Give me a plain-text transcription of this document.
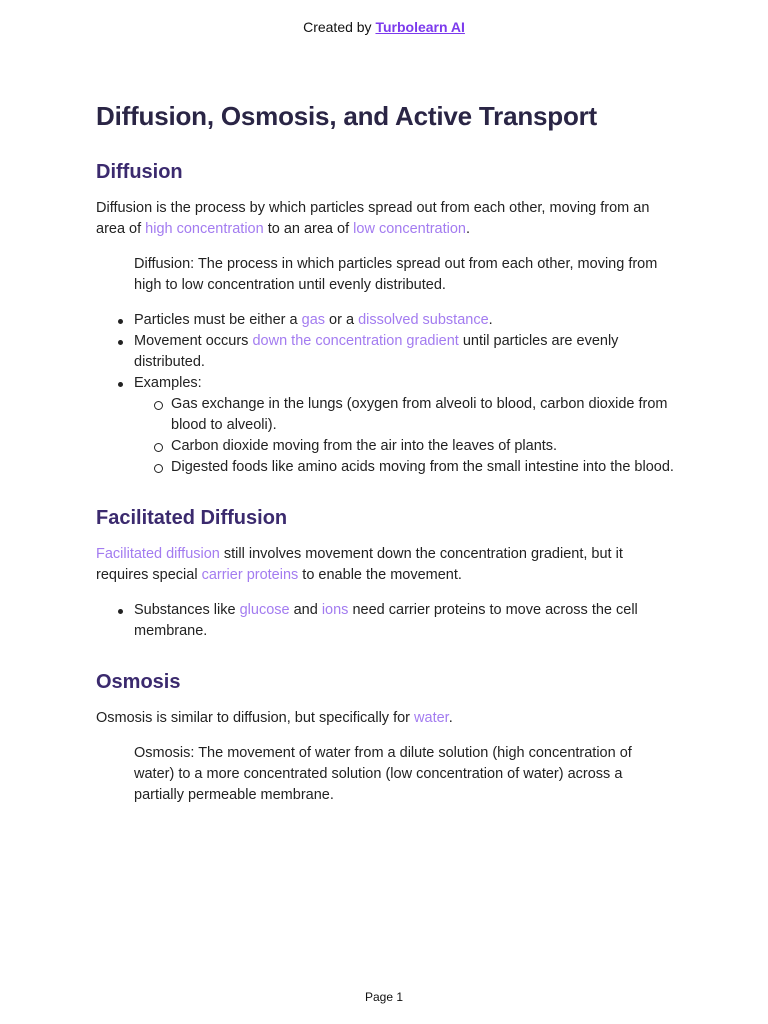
Created by Turbolearn AI
Diffusion, Osmosis, and Active Transport
Diffusion

Diffusion is the process by which particles spread out from each other, moving from an area of high concentration to an area of low concentration.

Diffusion: The process in which particles spread out from each other, moving from high to low concentration until evenly distributed.

Particles must be either a gas or a dissolved substance.
Movement occurs down the concentration gradient until particles are evenly distributed.
Examples:
Gas exchange in the lungs (oxygen from alveoli to blood, carbon dioxide from blood to alveoli).
Carbon dioxide moving from the air into the leaves of plants.
Digested foods like amino acids moving from the small intestine into the blood.
Facilitated Diffusion

Facilitated diffusion still involves movement down the concentration gradient, but it requires special carrier proteins to enable the movement.

Substances like glucose and ions need carrier proteins to move across the cell membrane.
Osmosis

Osmosis is similar to diffusion, but specifically for water.

Osmosis: The movement of water from a dilute solution (high concentration of water) to a more concentrated solution (low concentration of water) across a partially permeable membrane.

Page 1
